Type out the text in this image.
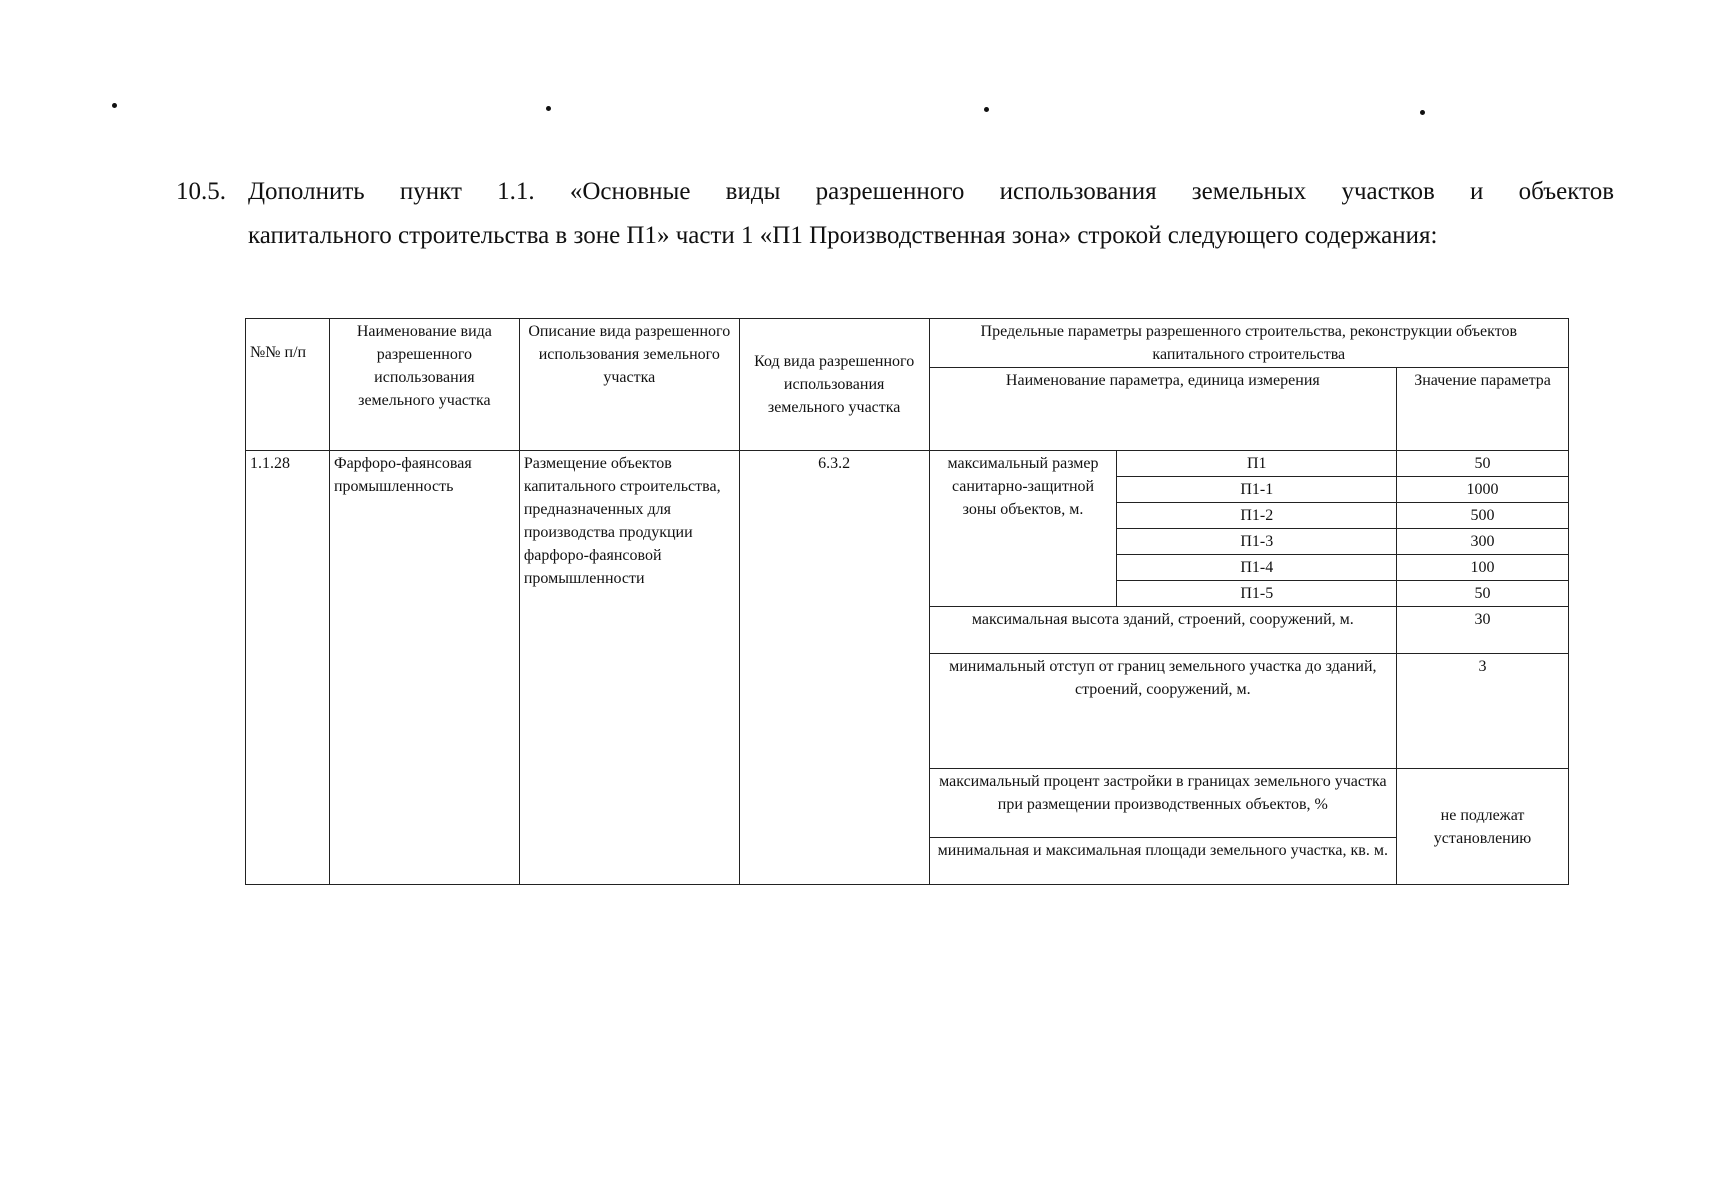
10.5. Дополнить пункт 1.1. «Основные виды разрешенного использования земельных участков и объектов
капитального строительства в зоне П1» части 1 «П1 Производственная зона» строкой следующего содержания:
№№ п/п	Наименование вида разрешенного использования земельного участка	Описание вида разрешенного использования земельного участка	Код вида разрешенного использования земельного участка	Предельные параметры разрешенного строительства, реконструкции объектов капитального строительства		
				Наименование параметра, единица измерения		Значение параметра
1.1.28	Фарфоро-фаянсовая промышленность	Размещение объектов капитального строительства, предназначенных для производства продукции фарфоро-фаянсовой промышленности	6.3.2	максимальный размер санитарно-защитной зоны объектов, м.	П1	50
					П1-1	1000
					П1-2	500
					П1-3	300
					П1-4	100
					П1-5	50
				максимальная высота зданий, строений, сооружений, м.		30
				минимальный отступ от границ земельного участка до зданий, строений, сооружений, м.		3
				максимальный процент застройки в границах земельного участка при размещении производственных объектов, %		не подлежат установлению
				минимальная и максимальная площади земельного участка, кв. м.		
